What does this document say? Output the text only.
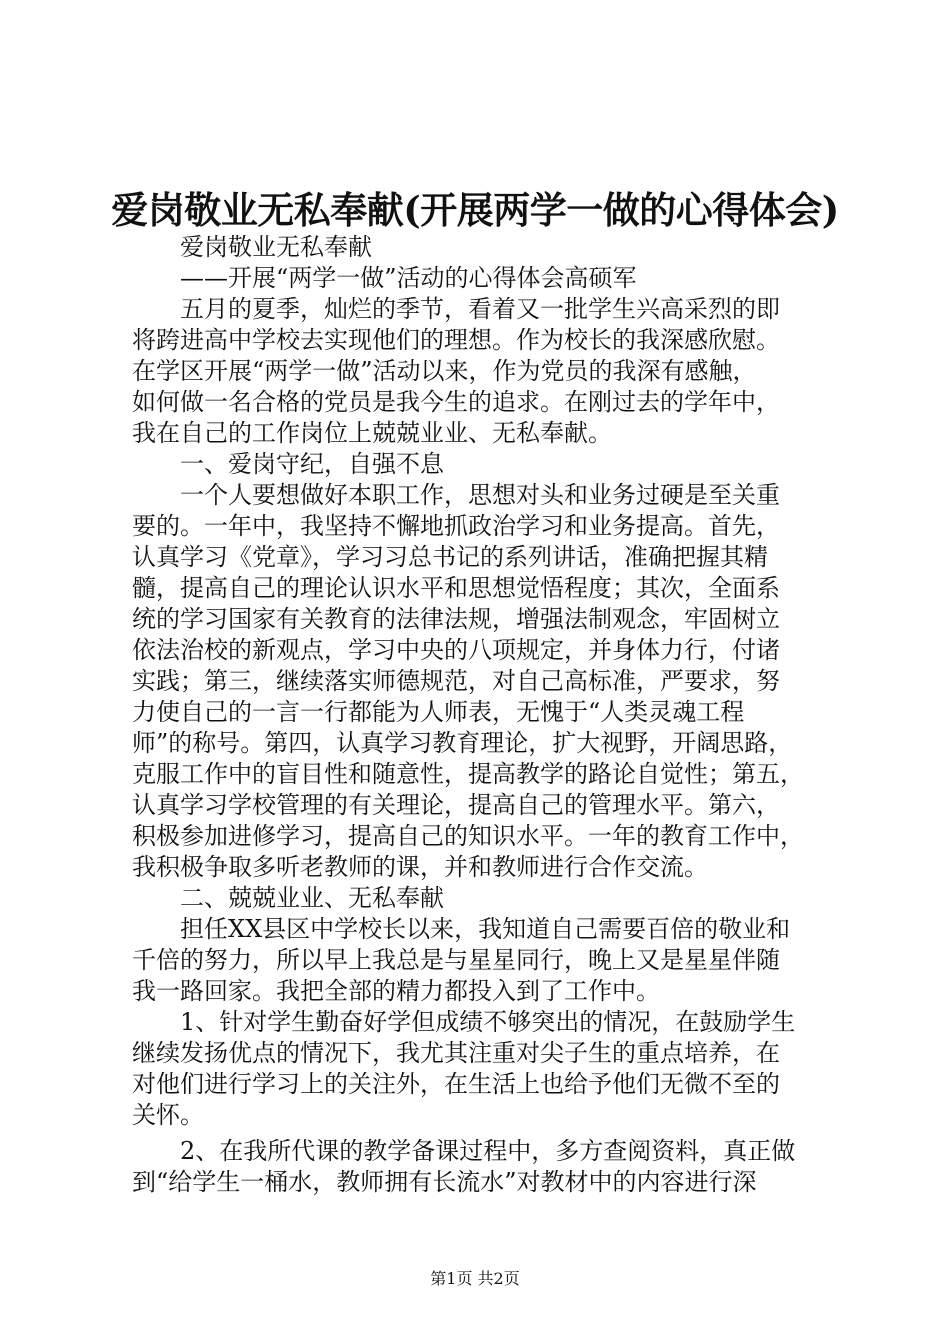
爱岗敬业无私奉献(开展两学一做的心得体会)
爱岗敬业无私奉献
——开展“两学一做”活动的心得体会高硕军
五月的夏季，灿烂的季节，看着又一批学生兴高采烈的即
将跨进高中学校去实现他们的理想。作为校长的我深感欣慰。
在学区开展“两学一做”活动以来，作为党员的我深有感触，
如何做一名合格的党员是我今生的追求。在刚过去的学年中，
我在自己的工作岗位上兢兢业业、无私奉献。
一、爱岗守纪，自强不息
一个人要想做好本职工作，思想对头和业务过硬是至关重
要的。一年中，我坚持不懈地抓政治学习和业务提高。首先，
认真学习《党章》，学习习总书记的系列讲话，准确把握其精
髓，提高自己的理论认识水平和思想觉悟程度；其次，全面系
统的学习国家有关教育的法律法规，增强法制观念，牢固树立
依法治校的新观点，学习中央的八项规定，并身体力行，付诸
实践；第三，继续落实师德规范，对自己高标准，严要求，努
力使自己的一言一行都能为人师表，无愧于“人类灵魂工程
师”的称号。第四，认真学习教育理论，扩大视野，开阔思路，
克服工作中的盲目性和随意性，提高教学的路论自觉性；第五，
认真学习学校管理的有关理论，提高自己的管理水平。第六，
积极参加进修学习，提高自己的知识水平。一年的教育工作中，
我积极争取多听老教师的课，并和教师进行合作交流。
二、兢兢业业、无私奉献
担任XX县区中学校长以来，我知道自己需要百倍的敬业和
千倍的努力，所以早上我总是与星星同行，晚上又是星星伴随
我一路回家。我把全部的精力都投入到了工作中。
1、针对学生勤奋好学但成绩不够突出的情况，在鼓励学生
继续发扬优点的情况下，我尤其注重对尖子生的重点培养，在
对他们进行学习上的关注外，在生活上也给予他们无微不至的
关怀。
2、在我所代课的教学备课过程中，多方查阅资料，真正做
到“给学生一桶水，教师拥有长流水”对教材中的内容进行深
第1页 共2页
